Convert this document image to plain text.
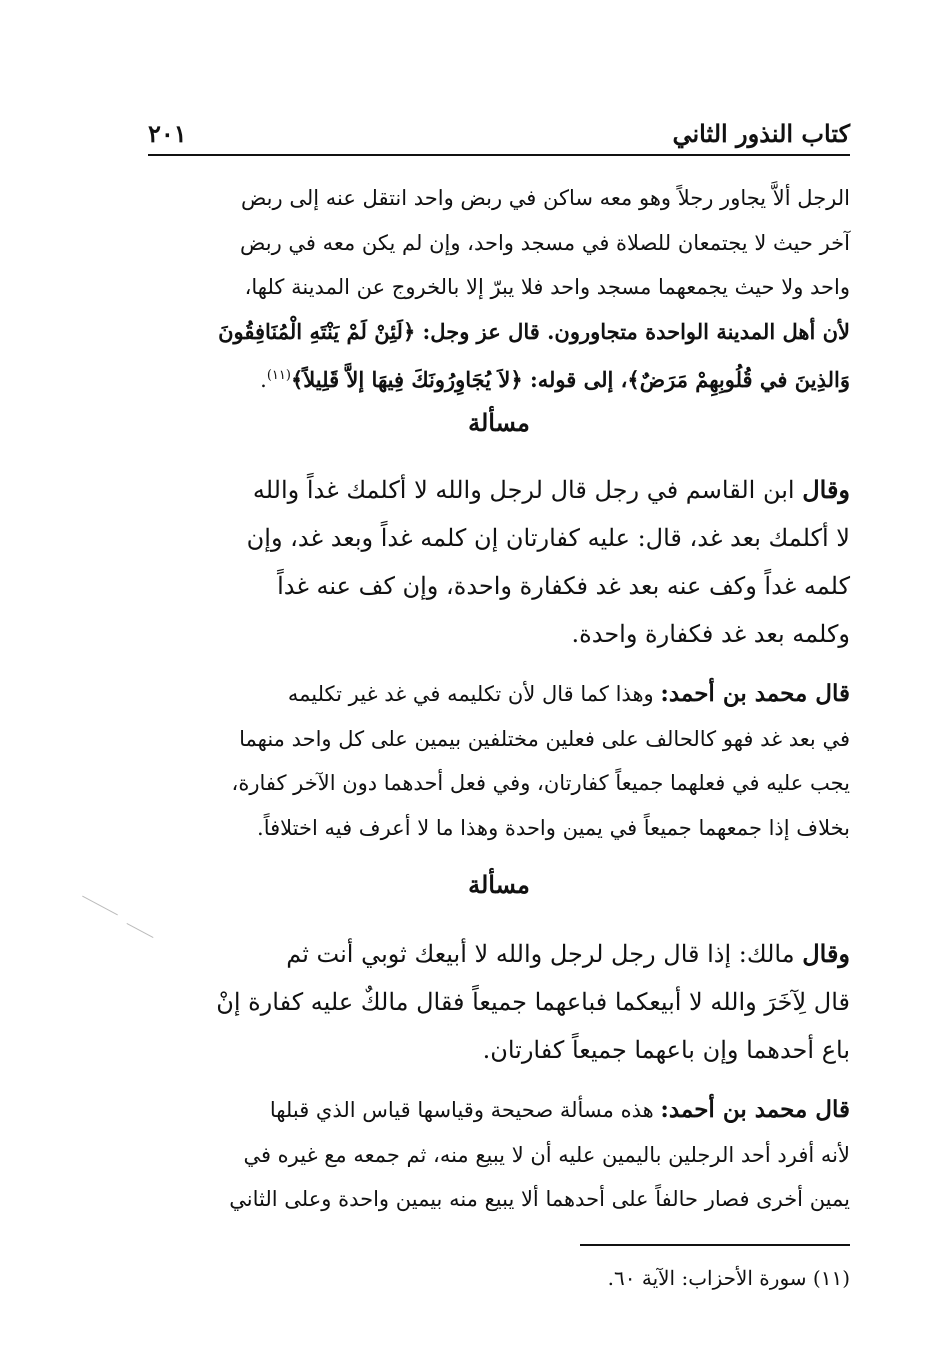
كتاب النذور الثاني
٢٠١
الرجل ألاَّ يجاور رجلاً وهو معه ساكن في ربض واحد انتقل عنه إلى ربض
آخر حيث لا يجتمعان للصلاة في مسجد واحد، وإن لم يكن معه في ربض
واحد ولا حيث يجمعهما مسجد واحد فلا يبرّ إلا بالخروج عن المدينة كلها،
لأن أهل المدينة الواحدة متجاورون. قال عز وجل: ﴿لَئِنْ لَمْ يَنْتَهِ الْمُنَافِقُونَ
وَالذِينَ في قُلُوبِهِمْ مَرَضٌ﴾، إلى قوله: ﴿لاَ يُجَاوِرُونَكَ فِيهَا إلاَّ قَلِيلاً﴾$^{(١١)}$.
مسألة
وقال ابن القاسم في رجل قال لرجل والله لا أكلمك غداً والله
لا أكلمك بعد غد، قال: عليه كفارتان إن كلمه غداً وبعد غد، وإن
كلمه غداً وكف عنه بعد غد فكفارة واحدة، وإن كف عنه غداً
وكلمه بعد غد فكفارة واحدة.
قال محمد بن أحمد: وهذا كما قال لأن تكليمه في غد غير تكليمه
في بعد غد فهو كالحالف على فعلين مختلفين بيمين على كل واحد منهما
يجب عليه في فعلهما جميعاً كفارتان، وفي فعل أحدهما دون الآخر كفارة،
بخلاف إذا جمعهما جميعاً في يمين واحدة وهذا ما لا أعرف فيه اختلافاً.
مسألة
وقال مالك: إذا قال رجل لرجل والله لا أبيعك ثوبي أنت ثم
قال لِآخَرَ والله لا أبيعكما فباعهما جميعاً فقال مالكٌ عليه كفارة إنْ
باع أحدهما وإن باعهما جميعاً كفارتان.
قال محمد بن أحمد: هذه مسألة صحيحة وقياسها قياس الذي قبلها
لأنه أفرد أحد الرجلين باليمين عليه أن لا يبيع منه، ثم جمعه مع غيره في
يمين أخرى فصار حالفاً على أحدهما ألا يبيع منه بيمين واحدة وعلى الثاني
(١١) سورة الأحزاب: الآية ٦٠.
